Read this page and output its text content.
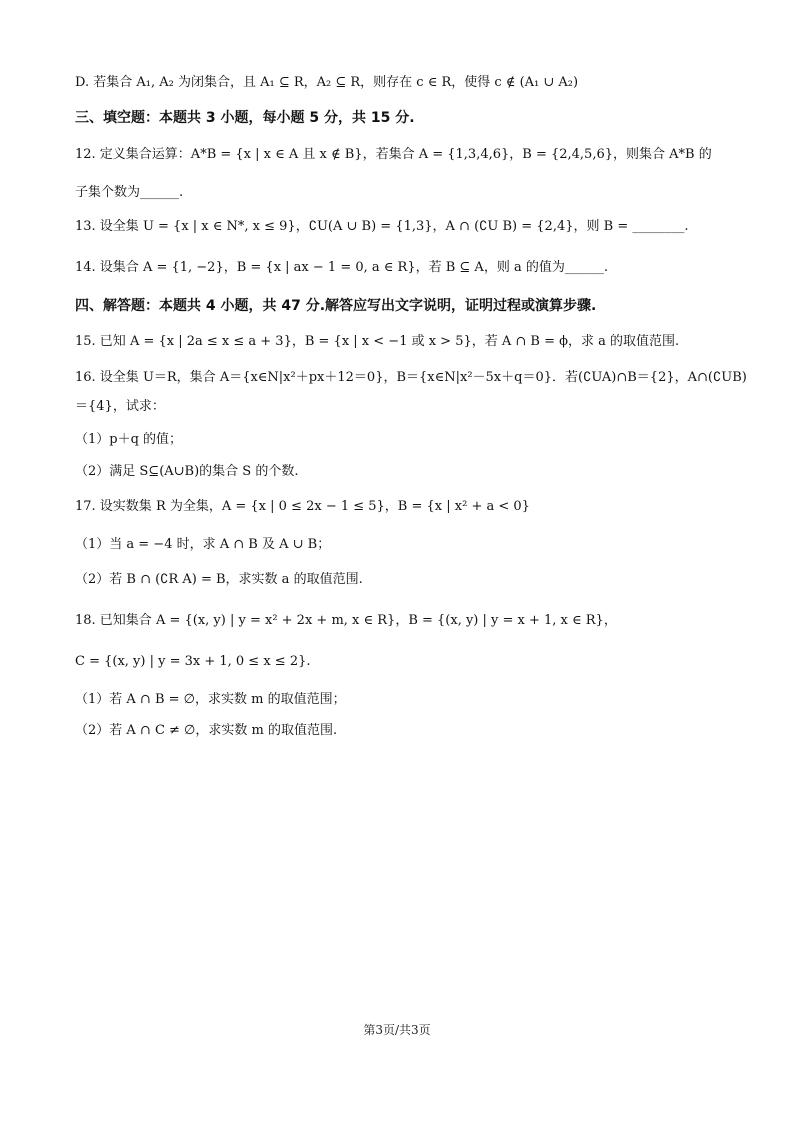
D. 若集合 A₁, A₂ 为闭集合，且 A₁ ⊆ R，A₂ ⊆ R，则存在 c ∈ R，使得 c ∉ (A₁ ∪ A₂)
三、填空题：本题共 3 小题，每小题 5 分，共 15 分.
12. 定义集合运算：A*B = {x | x ∈ A 且 x ∉ B}，若集合 A = {1,3,4,6}，B = {2,4,5,6}，则集合 A*B 的
子集个数为______.
13. 设全集 U = {x | x ∈ N*, x ≤ 9}，∁U(A ∪ B) = {1,3}，A ∩ (∁U B) = {2,4}，则 B = ________.
14. 设集合 A = {1, −2}，B = {x | ax − 1 = 0, a ∈ R}，若 B ⊆ A，则 a 的值为______.
四、解答题：本题共 4 小题，共 47 分.解答应写出文字说明，证明过程或演算步骤.
15. 已知 A = {x | 2a ≤ x ≤ a + 3}，B = {x | x < −1 或 x > 5}，若 A ∩ B = ϕ，求 a 的取值范围.
16. 设全集 U＝R，集合 A＝{x∈N|x²＋px＋12＝0}，B＝{x∈N|x²－5x＋q＝0}．若(∁UA)∩B＝{2}，A∩(∁UB)
＝{4}，试求：
（1）p＋q 的值；
（2）满足 S⊆(A∪B)的集合 S 的个数.
17. 设实数集 R 为全集，A = {x | 0 ≤ 2x − 1 ≤ 5}，B = {x | x² + a < 0}
（1）当 a = −4 时，求 A ∩ B 及 A ∪ B；
（2）若 B ∩ (∁R A) = B，求实数 a 的取值范围.
18. 已知集合 A = {(x, y) | y = x² + 2x + m, x ∈ R}，B = {(x, y) | y = x + 1, x ∈ R}，
C = {(x, y) | y = 3x + 1, 0 ≤ x ≤ 2}.
（1）若 A ∩ B = ∅，求实数 m 的取值范围；
（2）若 A ∩ C ≠ ∅，求实数 m 的取值范围.
第3页/共3页
